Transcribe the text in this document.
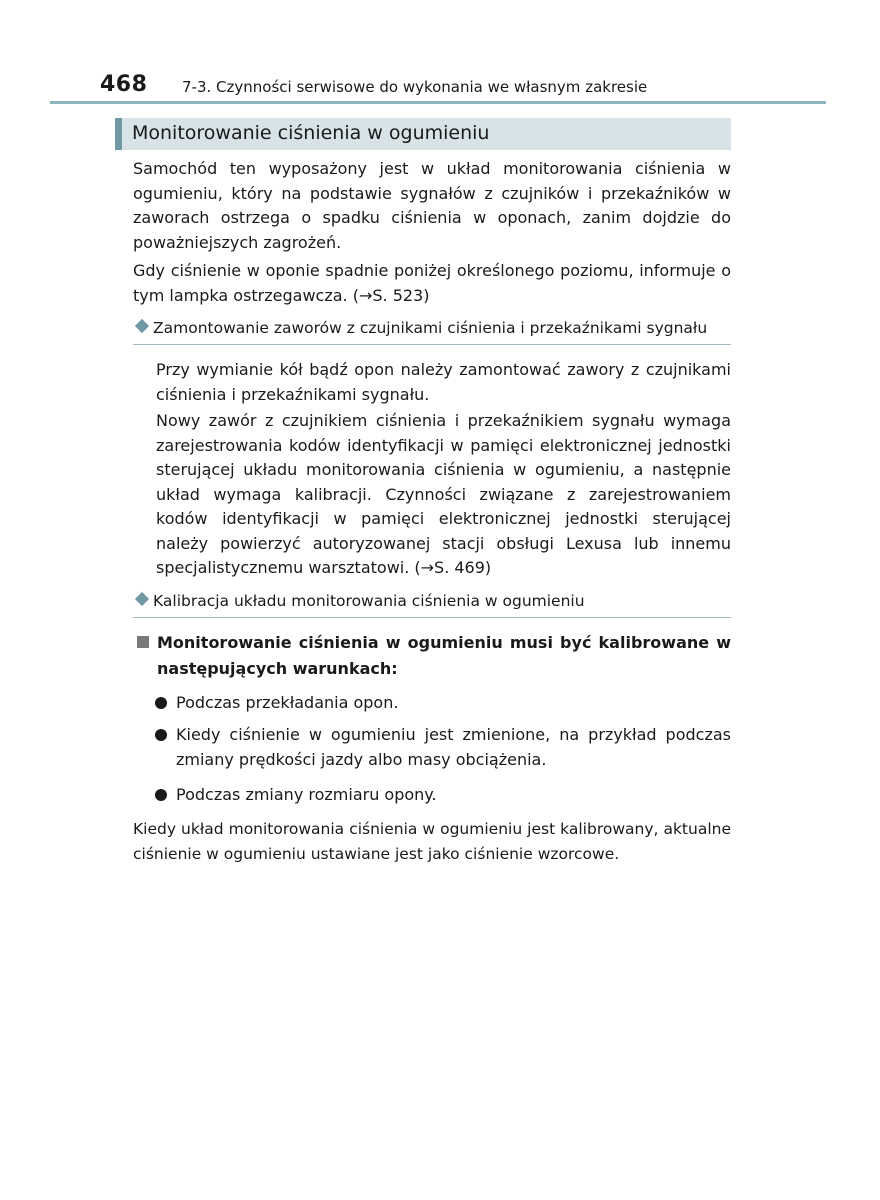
468 7-3. Czynności serwisowe do wykonania we własnym zakresie
Monitorowanie ciśnienia w ogumieniu

Samochód ten wyposażony jest w układ monitorowania ciśnienia w ogumieniu, który na podstawie sygnałów z czujników i przekaźników w zaworach ostrzega o spadku ciśnienia w oponach, zanim dojdzie do poważniejszych zagrożeń.

Gdy ciśnienie w oponie spadnie poniżej określonego poziomu, informuje o tym lampka ostrzegawcza. (→S. 523)

Zamontowanie zaworów z czujnikami ciśnienia i przekaźnikami sygnału

Przy wymianie kół bądź opon należy zamontować zawory z czujnikami ciśnienia i przekaźnikami sygnału.

Nowy zawór z czujnikiem ciśnienia i przekaźnikiem sygnału wymaga zarejestrowania kodów identyfikacji w pamięci elektronicznej jednostki sterującej układu monitorowania ciśnienia w ogumieniu, a następnie układ wymaga kalibracji. Czynności związane z zarejestrowaniem kodów identyfikacji w pamięci elektronicznej jednostki sterującej należy powierzyć autoryzowanej stacji obsługi Lexusa lub innemu specjalistycznemu warsztatowi. (→S. 469)

Kalibracja układu monitorowania ciśnienia w ogumieniu
Monitorowanie ciśnienia w ogumieniu musi być kalibrowane w następujących warunkach:
Podczas przekładania opon.
Kiedy ciśnienie w ogumieniu jest zmienione, na przykład podczas zmiany prędkości jazdy albo masy obciążenia.
Podczas zmiany rozmiaru opony.

Kiedy układ monitorowania ciśnienia w ogumieniu jest kalibrowany, aktualne ciśnienie w ogumieniu ustawiane jest jako ciśnienie wzorcowe.
